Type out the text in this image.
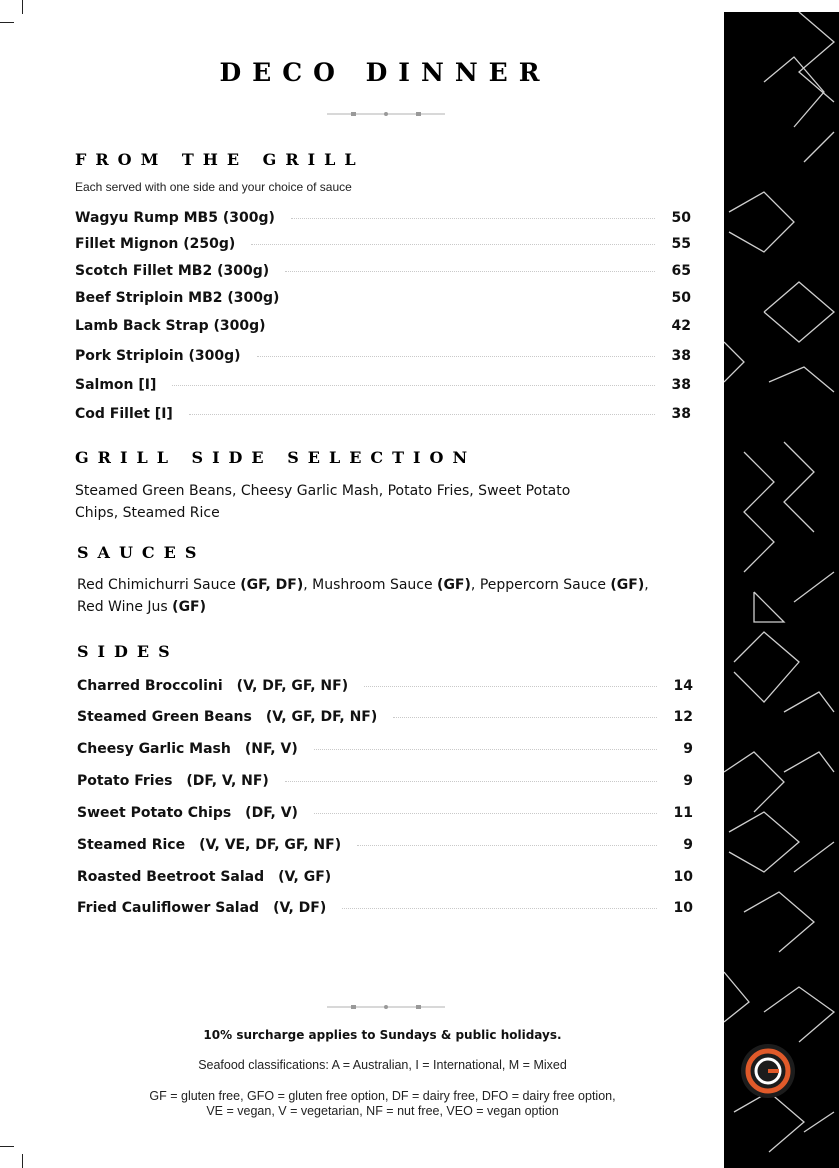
DECO DINNER
FROM THE GRILL
Each served with one side and your choice of sauce
Wagyu Rump MB5 (300g)	50
Fillet Mignon (250g)	55
Scotch Fillet MB2 (300g)	65
Beef Striploin MB2 (300g)	50
Lamb Back Strap (300g)	42
Pork Striploin (300g)	38
Salmon [I]	38
Cod Fillet [I]	38
GRILL SIDE SELECTION
Steamed Green Beans, Cheesy Garlic Mash, Potato Fries, Sweet Potato Chips, Steamed Rice
SAUCES
Red Chimichurri Sauce (GF, DF), Mushroom Sauce (GF), Peppercorn Sauce (GF), Red Wine Jus (GF)
SIDES
Charred Broccolini (V, DF, GF, NF)	14
Steamed Green Beans (V, GF, DF, NF)	12
Cheesy Garlic Mash (NF, V)	9
Potato Fries (DF, V, NF)	9
Sweet Potato Chips (DF, V)	11
Steamed Rice (V, VE, DF, GF, NF)	9
Roasted Beetroot Salad (V, GF)	10
Fried Cauliflower Salad (V, DF)	10
10% surcharge applies to Sundays & public holidays.
Seafood classifications: A = Australian, I = International, M = Mixed
GF = gluten free, GFO = gluten free option, DF = dairy free, DFO = dairy free option,
VE = vegan, V = vegetarian, NF = nut free, VEO = vegan option
